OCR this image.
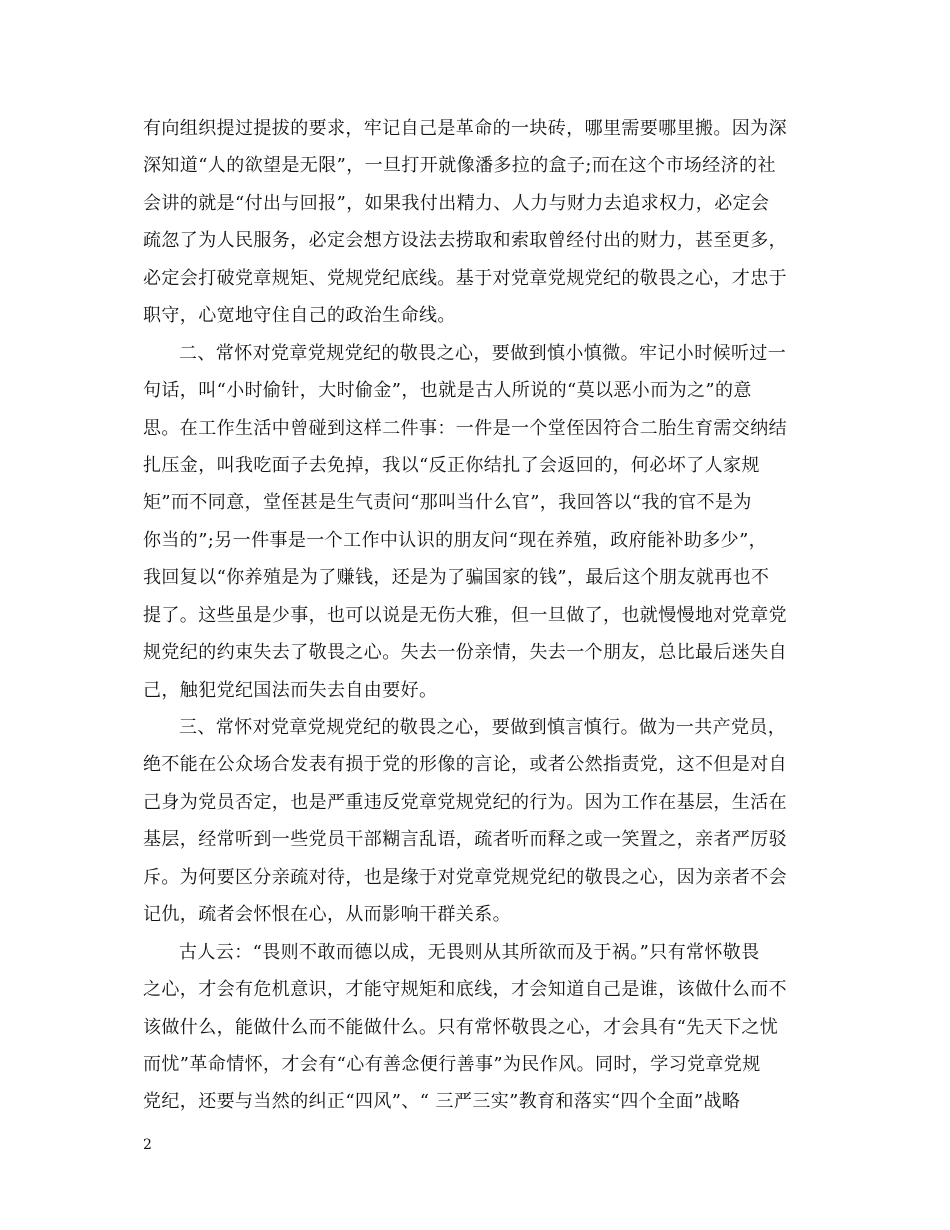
有向组织提过提拔的要求，牢记自己是革命的一块砖，哪里需要哪里搬。因为深
深知道“人的欲望是无限”，一旦打开就像潘多拉的盒子;而在这个市场经济的社
会讲的就是“付出与回报”，如果我付出精力、人力与财力去追求权力，必定会
疏忽了为人民服务，必定会想方设法去捞取和索取曾经付出的财力，甚至更多，
必定会打破党章规矩、党规党纪底线。基于对党章党规党纪的敬畏之心，才忠于
职守，心宽地守住自己的政治生命线。
二、常怀对党章党规党纪的敬畏之心，要做到慎小慎微。牢记小时候听过一
句话，叫“小时偷针，大时偷金”，也就是古人所说的“莫以恶小而为之”的意
思。在工作生活中曾碰到这样二件事：一件是一个堂侄因符合二胎生育需交纳结
扎压金，叫我吃面子去免掉，我以“反正你结扎了会返回的，何必坏了人家规
矩”而不同意，堂侄甚是生气责问“那叫当什么官”，我回答以“我的官不是为
你当的”;另一件事是一个工作中认识的朋友问“现在养殖，政府能补助多少”，
我回复以“你养殖是为了赚钱，还是为了骗国家的钱”，最后这个朋友就再也不
提了。这些虽是少事，也可以说是无伤大雅，但一旦做了，也就慢慢地对党章党
规党纪的约束失去了敬畏之心。失去一份亲情，失去一个朋友，总比最后迷失自
己，触犯党纪国法而失去自由要好。
三、常怀对党章党规党纪的敬畏之心，要做到慎言慎行。做为一共产党员，
绝不能在公众场合发表有损于党的形像的言论，或者公然指责党，这不但是对自
己身为党员否定，也是严重违反党章党规党纪的行为。因为工作在基层，生活在
基层，经常听到一些党员干部糊言乱语，疏者听而释之或一笑置之，亲者严厉驳
斥。为何要区分亲疏对待，也是缘于对党章党规党纪的敬畏之心，因为亲者不会
记仇，疏者会怀恨在心，从而影响干群关系。
古人云：“畏则不敢而德以成，无畏则从其所欲而及于祸。”只有常怀敬畏
之心，才会有危机意识，才能守规矩和底线，才会知道自己是谁，该做什么而不
该做什么，能做什么而不能做什么。只有常怀敬畏之心，才会具有“先天下之忧
而忧”革命情怀，才会有“心有善念便行善事”为民作风。同时，学习党章党规
党纪，还要与当然的纠正“四风”、“ 三严三实”教育和落实“四个全面”战略
2
